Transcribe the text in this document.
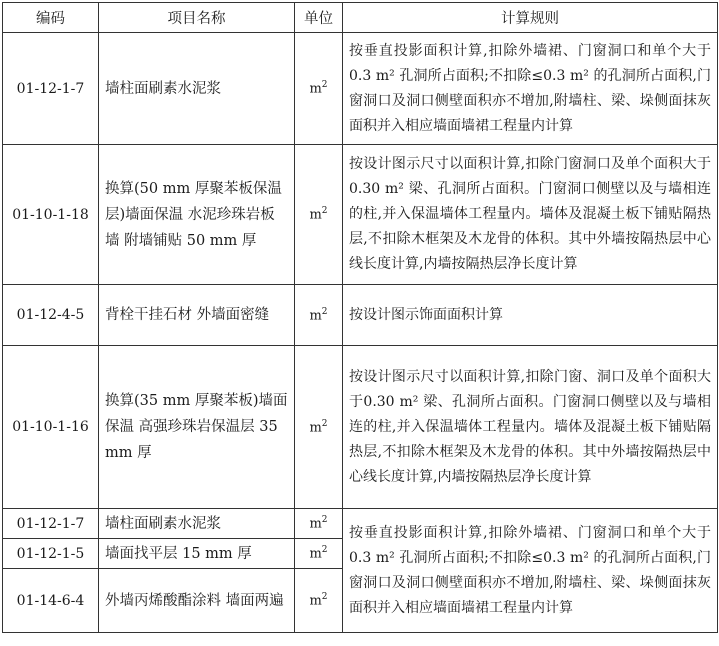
编码	项目名称	单位	计算规则
01-12-1-7	墙柱面刷素水泥浆	$m^2$	按垂直投影面积计算,扣除外墙裙、门窗洞口和单个大于0.3 m² 孔洞所占面积;不扣除≤0.3 m² 的孔洞所占面积,门窗洞口及洞口侧壁面积亦不增加,附墙柱、梁、垛侧面抹灰面积并入相应墙面墙裙工程量内计算
01-10-1-18	换算(50 mm 厚聚苯板保温层)墙面保温 水泥珍珠岩板墙 附墙铺贴 50 mm 厚	$m^2$	按设计图示尺寸以面积计算,扣除门窗洞口及单个面积大于0.30 m² 梁、孔洞所占面积。门窗洞口侧壁以及与墙相连的柱,并入保温墙体工程量内。墙体及混凝土板下铺贴隔热层,不扣除木框架及木龙骨的体积。其中外墙按隔热层中心线长度计算,内墙按隔热层净长度计算
01-12-4-5	背栓干挂石材 外墙面密缝	$m^2$	按设计图示饰面面积计算
01-10-1-16	换算(35 mm 厚聚苯板)墙面保温 高强珍珠岩保温层 35 mm 厚	$m^2$	按设计图示尺寸以面积计算,扣除门窗、洞口及单个面积大于0.30 m² 梁、孔洞所占面积。门窗洞口侧壁以及与墙相连的柱,并入保温墙体工程量内。墙体及混凝土板下铺贴隔热层,不扣除木框架及木龙骨的体积。其中外墙按隔热层中心线长度计算,内墙按隔热层净长度计算
01-12-1-7	墙柱面刷素水泥浆	$m^2$	按垂直投影面积计算,扣除外墙裙、门窗洞口和单个大于0.3 m² 孔洞所占面积;不扣除≤0.3 m² 的孔洞所占面积,门窗洞口及洞口侧壁面积亦不增加,附墙柱、梁、垛侧面抹灰面积并入相应墙面墙裙工程量内计算
01-12-1-5	墙面找平层 15 mm 厚	$m^2$
01-14-6-4	外墙丙烯酸酯涂料 墙面两遍	$m^2$
